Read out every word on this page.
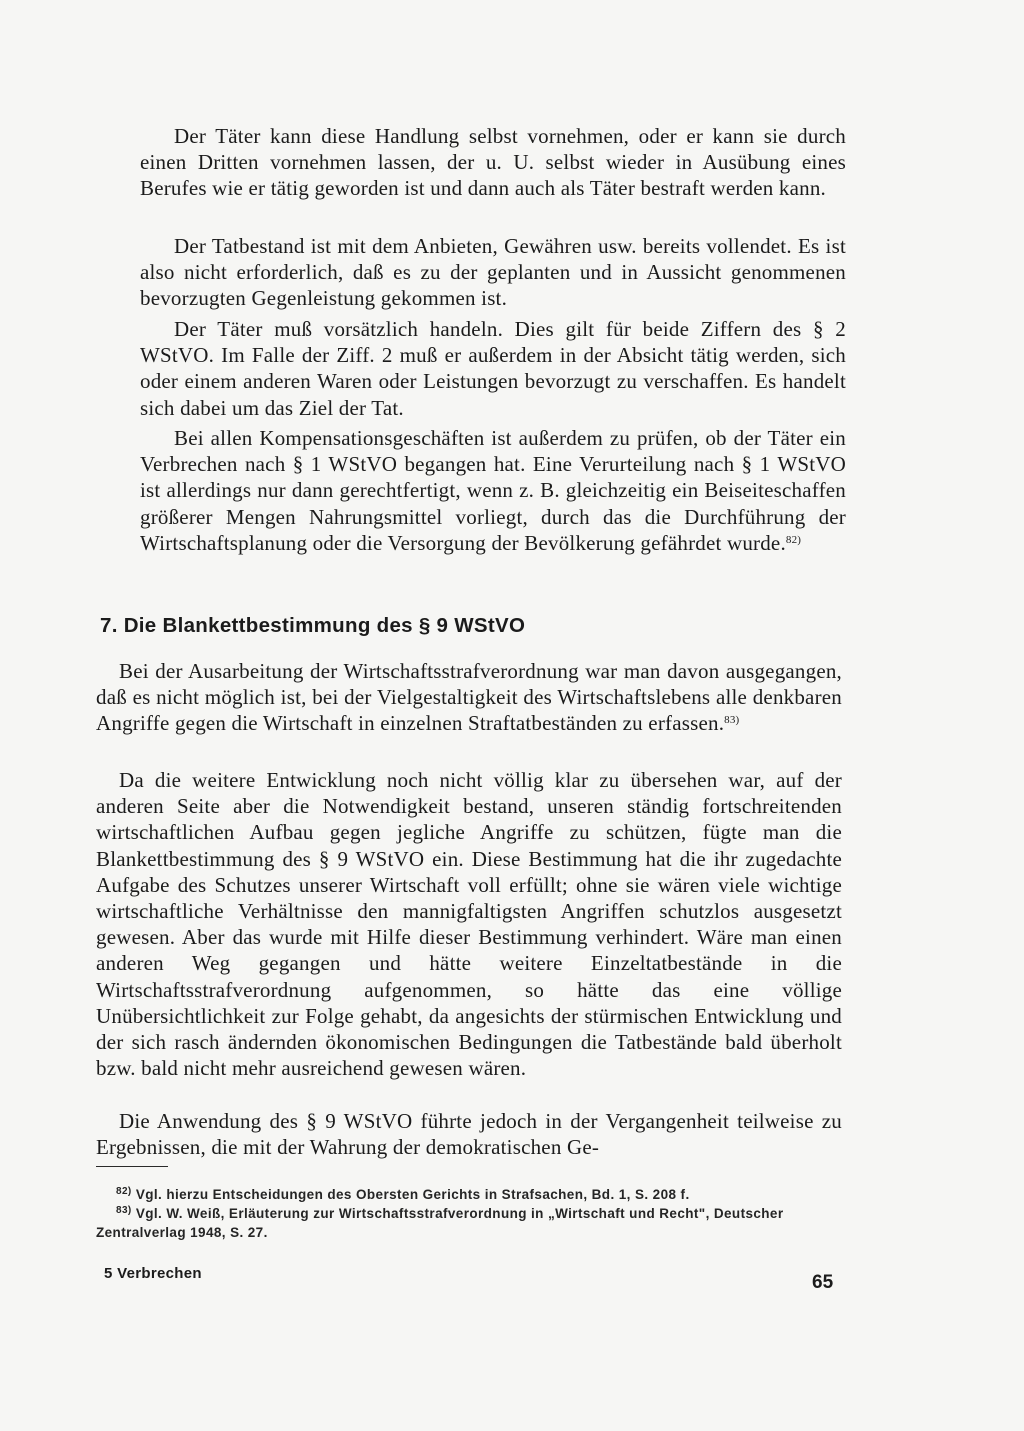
Der Täter kann diese Handlung selbst vornehmen, oder er kann sie durch einen Dritten vornehmen lassen, der u. U. selbst wieder in Ausübung eines Berufes wie er tätig geworden ist und dann auch als Täter bestraft werden kann.

Der Tatbestand ist mit dem Anbieten, Gewähren usw. bereits vollendet. Es ist also nicht erforderlich, daß es zu der geplanten und in Aussicht genommenen bevorzugten Gegenleistung gekommen ist.

Der Täter muß vorsätzlich handeln. Dies gilt für beide Ziffern des § 2 WStVO. Im Falle der Ziff. 2 muß er außerdem in der Absicht tätig werden, sich oder einem anderen Waren oder Leistungen bevorzugt zu verschaffen. Es handelt sich dabei um das Ziel der Tat.

Bei allen Kompensationsgeschäften ist außerdem zu prüfen, ob der Täter ein Verbrechen nach § 1 WStVO begangen hat. Eine Verurteilung nach § 1 WStVO ist allerdings nur dann gerechtfertigt, wenn z. B. gleichzeitig ein Beiseiteschaffen größerer Mengen Nahrungsmittel vorliegt, durch das die Durchführung der Wirtschaftsplanung oder die Versorgung der Bevölkerung gefährdet wurde.$^{82)}$

7. Die Blankettbestimmung des § 9 WStVO

Bei der Ausarbeitung der Wirtschaftsstrafverordnung war man davon ausgegangen, daß es nicht möglich ist, bei der Vielgestaltigkeit des Wirtschaftslebens alle denkbaren Angriffe gegen die Wirtschaft in einzelnen Straftatbeständen zu erfassen.$^{83)}$

Da die weitere Entwicklung noch nicht völlig klar zu übersehen war, auf der anderen Seite aber die Notwendigkeit bestand, unseren ständig fortschreitenden wirtschaftlichen Aufbau gegen jegliche Angriffe zu schützen, fügte man die Blankettbestimmung des § 9 WStVO ein. Diese Bestimmung hat die ihr zugedachte Aufgabe des Schutzes unserer Wirtschaft voll erfüllt; ohne sie wären viele wichtige wirtschaftliche Verhältnisse den mannigfaltigsten Angriffen schutzlos ausgesetzt gewesen. Aber das wurde mit Hilfe dieser Bestimmung verhindert. Wäre man einen anderen Weg gegangen und hätte weitere Einzeltatbestände in die Wirtschaftsstrafverordnung aufgenommen, so hätte das eine völlige Unübersichtlichkeit zur Folge gehabt, da angesichts der stürmischen Entwicklung und der sich rasch ändernden ökonomischen Bedingungen die Tatbestände bald überholt bzw. bald nicht mehr ausreichend gewesen wären.

Die Anwendung des § 9 WStVO führte jedoch in der Vergangenheit teilweise zu Ergebnissen, die mit der Wahrung der demokratischen Ge-

$^{82)}$ Vgl. hierzu Entscheidungen des Obersten Gerichts in Strafsachen, Bd. 1, S. 208 f.

$^{83)}$ Vgl. W. Weiß, Erläuterung zur Wirtschaftsstrafverordnung in „Wirtschaft und Recht", Deutscher Zentralverlag 1948, S. 27.

5 Verbrechen	65
